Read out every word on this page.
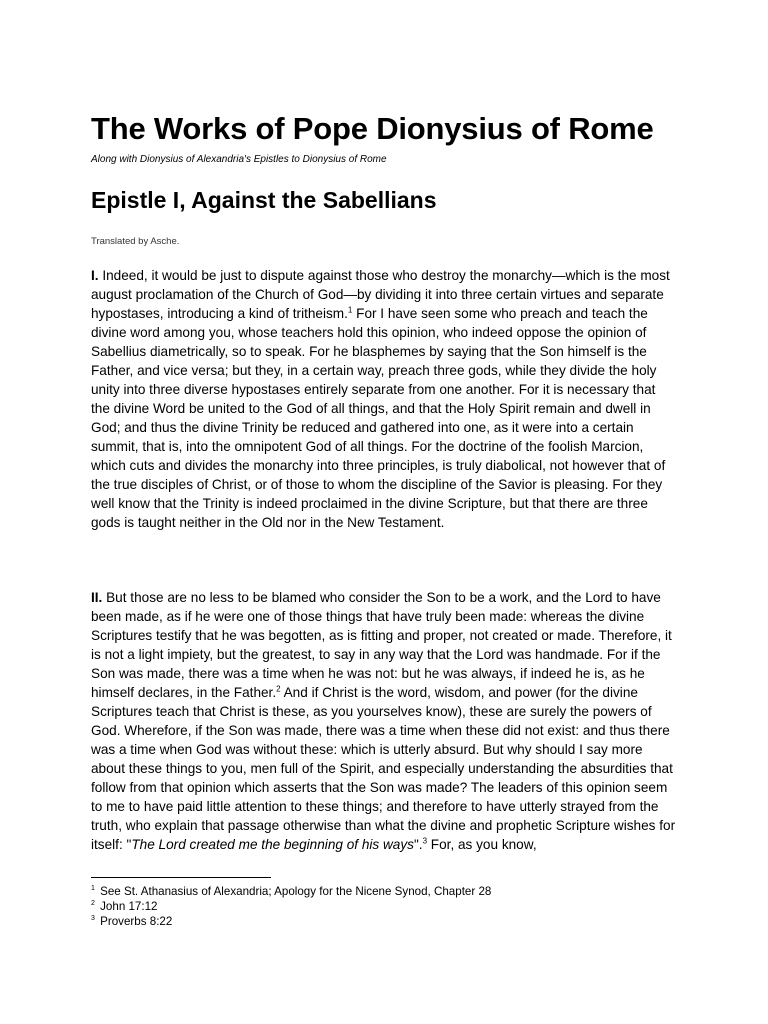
The Works of Pope Dionysius of Rome

Along with Dionysius of Alexandria's Epistles to Dionysius of Rome

Epistle I, Against the Sabellians

Translated by Asche.

I. Indeed, it would be just to dispute against those who destroy the monarchy—which is the most august proclamation of the Church of God—by dividing it into three certain virtues and separate hypostases, introducing a kind of tritheism.$^1$ For I have seen some who preach and teach the divine word among you, whose teachers hold this opinion, who indeed oppose the opinion of Sabellius diametrically, so to speak. For he blasphemes by saying that the Son himself is the Father, and vice versa; but they, in a certain way, preach three gods, while they divide the holy unity into three diverse hypostases entirely separate from one another. For it is necessary that the divine Word be united to the God of all things, and that the Holy Spirit remain and dwell in God; and thus the divine Trinity be reduced and gathered into one, as it were into a certain summit, that is, into the omnipotent God of all things. For the doctrine of the foolish Marcion, which cuts and divides the monarchy into three principles, is truly diabolical, not however that of the true disciples of Christ, or of those to whom the discipline of the Savior is pleasing. For they well know that the Trinity is indeed proclaimed in the divine Scripture, but that there are three gods is taught neither in the Old nor in the New Testament.

II. But those are no less to be blamed who consider the Son to be a work, and the Lord to have been made, as if he were one of those things that have truly been made: whereas the divine Scriptures testify that he was begotten, as is fitting and proper, not created or made. Therefore, it is not a light impiety, but the greatest, to say in any way that the Lord was handmade. For if the Son was made, there was a time when he was not: but he was always, if indeed he is, as he himself declares, in the Father.$^2$ And if Christ is the word, wisdom, and power (for the divine Scriptures teach that Christ is these, as you yourselves know), these are surely the powers of God. Wherefore, if the Son was made, there was a time when these did not exist: and thus there was a time when God was without these: which is utterly absurd. But why should I say more about these things to you, men full of the Spirit, and especially understanding the absurdities that follow from that opinion which asserts that the Son was made? The leaders of this opinion seem to me to have paid little attention to these things; and therefore to have utterly strayed from the truth, who explain that passage otherwise than what the divine and prophetic Scripture wishes for itself: "The Lord created me the beginning of his ways".$^3$ For, as you know,

$^1$ See St. Athanasius of Alexandria; Apology for the Nicene Synod, Chapter 28
$^2$ John 17:12
$^3$ Proverbs 8:22
